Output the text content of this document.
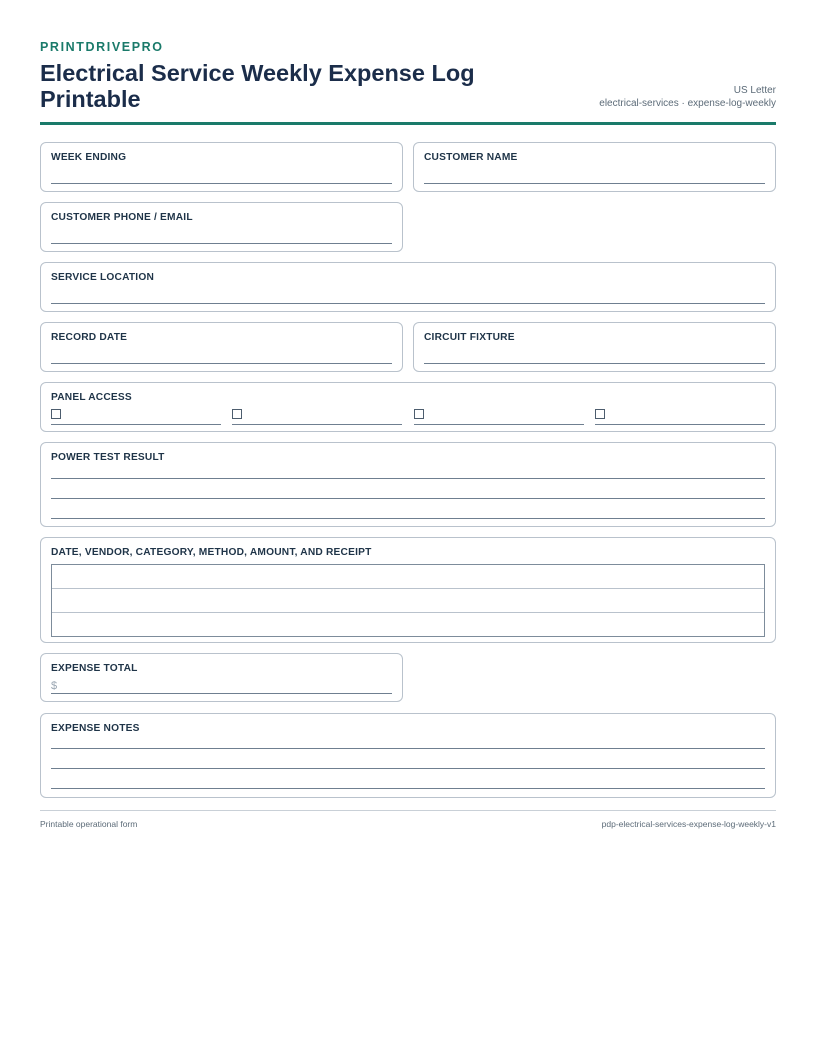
PRINTDRIVEPRO
Electrical Service Weekly Expense Log Printable	US Letter
electrical-services · expense-log-weekly
WEEK ENDING	CUSTOMER NAME
CUSTOMER PHONE / EMAIL
SERVICE LOCATION
RECORD DATE	CIRCUIT FIXTURE
PANEL ACCESS
POWER TEST RESULT
DATE, VENDOR, CATEGORY, METHOD, AMOUNT, AND RECEIPT
EXPENSE TOTAL
$
EXPENSE NOTES
Printable operational form	pdp-electrical-services-expense-log-weekly-v1
